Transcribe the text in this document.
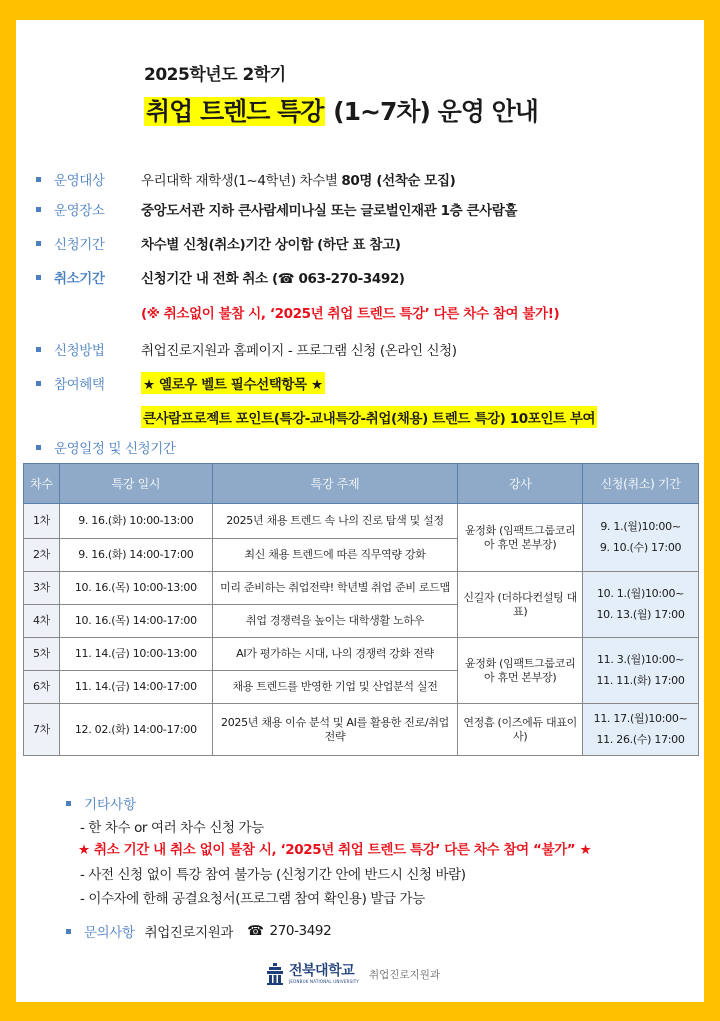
2025학년도 2학기
취업 트렌드 특강 (1~7차) 운영 안내
운영대상	우리대학 재학생(1~4학년) 차수별 80명 (선착순 모집)
운영장소	중앙도서관 지하 큰사람세미나실 또는 글로벌인재관 1층 큰사람홀
신청기간	차수별 신청(취소)기간 상이함 (하단 표 참고)
취소기간	신청기간 내 전화 취소 (☎ 063-270-3492)
(※ 취소없이 불참 시, ‘2025년 취업 트렌드 특강’ 다른 차수 참여 불가!)
신청방법	취업진로지원과 홈페이지 - 프로그램 신청 (온라인 신청)
참여혜택	★ 옐로우 벨트 필수선택항목 ★
큰사람프로젝트 포인트(특강-교내특강-취업(채용) 트렌드 특강) 10포인트 부여
운영일정 및 신청기간
차수	특강 일시	특강 주제	강사	신청(취소) 기간
1차	9. 16.(화) 10:00-13:00	2025년 채용 트렌드 속 나의 진로 탐색 및 설정	윤정화 (임팩트그룹코리아 휴먼 본부장)	9. 1.(월)10:00~
9. 10.(수) 17:00

2차	9. 16.(화) 14:00-17:00	최신 채용 트렌드에 따른 직무역량 강화		
3차	10. 16.(목) 10:00-13:00	미리 준비하는 취업전략! 학년별 취업 준비 로드맵	신길자 (더하다컨설팅 대표)	10. 1.(월)10:00~
10. 13.(월) 17:00

4차	10. 16.(목) 14:00-17:00	취업 경쟁력을 높이는 대학생활 노하우		
5차	11. 14.(금) 10:00-13:00	AI가 평가하는 시대, 나의 경쟁력 강화 전략	윤정화 (임팩트그룹코리아 휴먼 본부장)	11. 3.(월)10:00~
11. 11.(화) 17:00

6차	11. 14.(금) 14:00-17:00	채용 트렌드를 반영한 기업 및 산업분석 실전		
7차	12. 02.(화) 14:00-17:00	2025년 채용 이슈 분석 및 AI를 활용한 진로/취업 전략	연정흠 (이즈에듀 대표이사)	11. 17.(월)10:00~
11. 26.(수) 17:00
기타사항
- 한 차수 or 여러 차수 신청 가능
★ 취소 기간 내 취소 없이 불참 시, ‘2025년 취업 트렌드 특강’ 다른 차수 참여 “불가” ★
- 사전 신청 없이 특강 참여 불가능 (신청기간 안에 반드시 신청 바람)
- 이수자에 한해 공결요청서(프로그램 참여 확인용) 발급 가능
문의사항 취업진로지원과 ☎ 270-3492
전북대학교
JEONBUK NATIONAL UNIVERSITY
취업진로지원과
